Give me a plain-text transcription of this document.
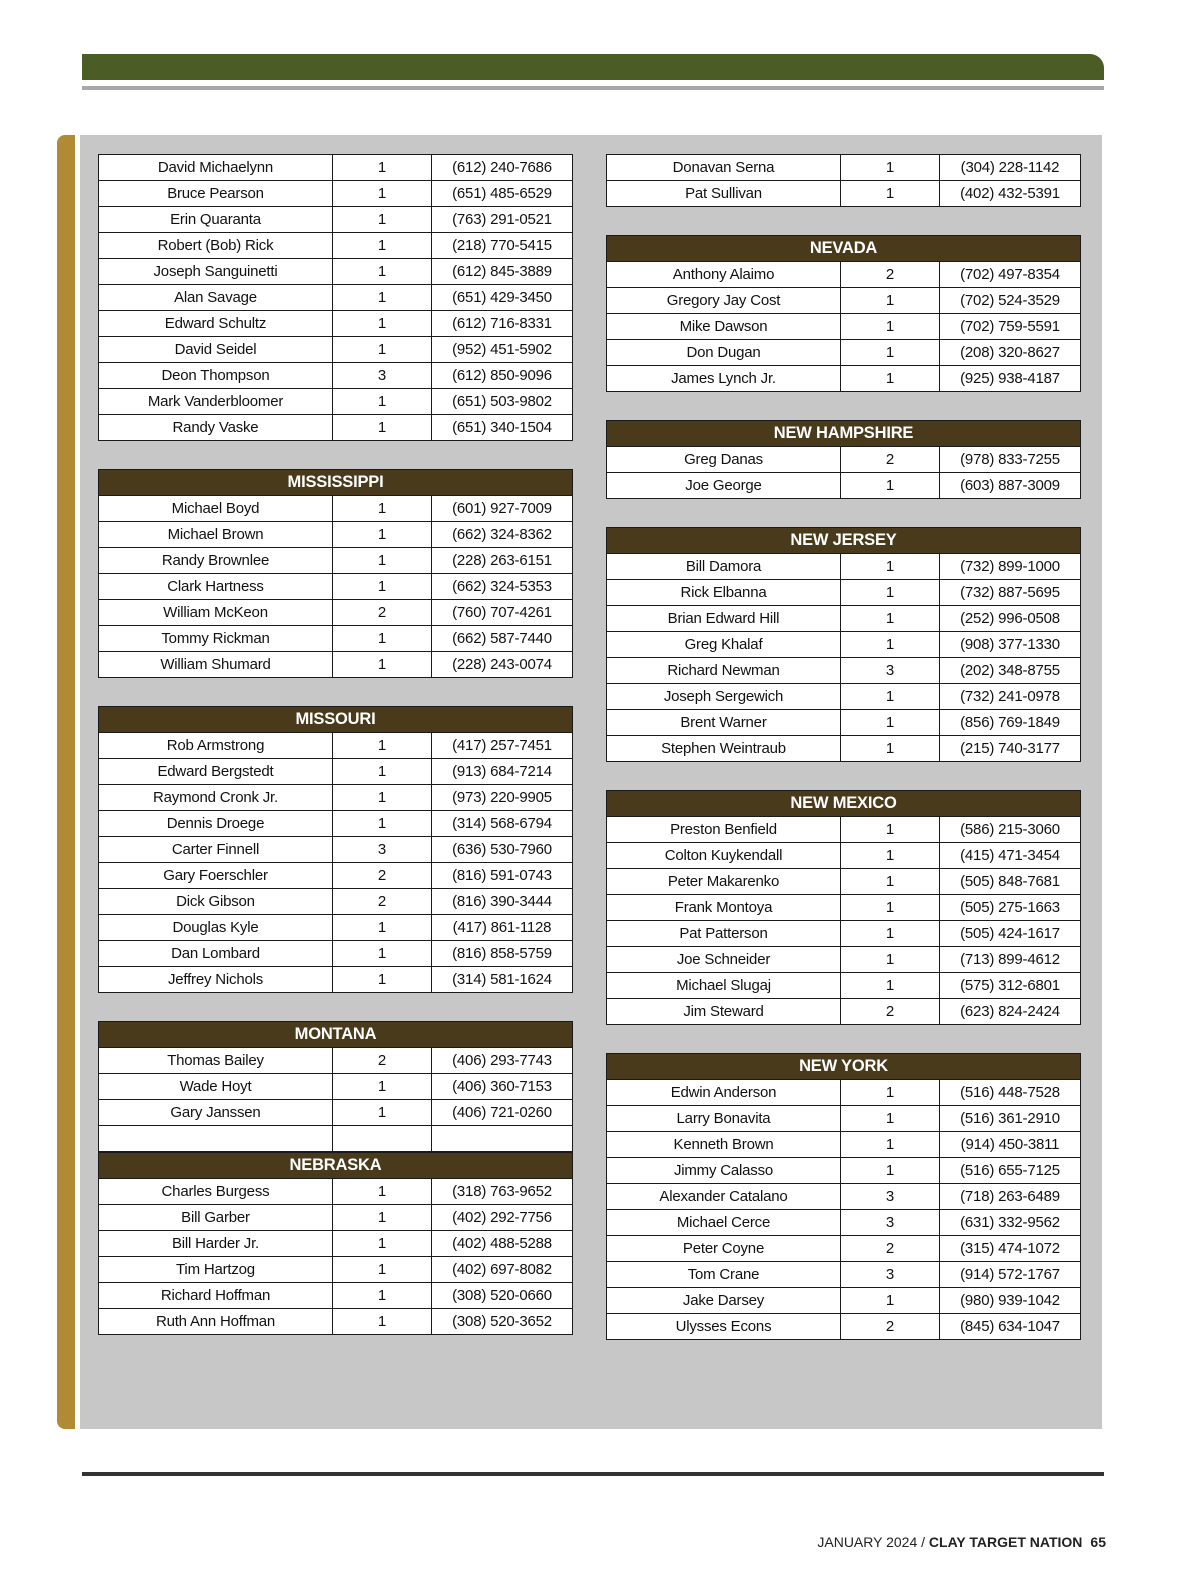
David Michaelynn	1	(612) 240-7686
Bruce Pearson	1	(651) 485-6529
Erin Quaranta	1	(763) 291-0521
Robert (Bob) Rick	1	(218) 770-5415
Joseph Sanguinetti	1	(612) 845-3889
Alan Savage	1	(651) 429-3450
Edward Schultz	1	(612) 716-8331
David Seidel	1	(952) 451-5902
Deon Thompson	3	(612) 850-9096
Mark Vanderbloomer	1	(651) 503-9802
Randy Vaske	1	(651) 340-1504
MISSISSIPPI		
Michael Boyd	1	(601) 927-7009
Michael Brown	1	(662) 324-8362
Randy Brownlee	1	(228) 263-6151
Clark Hartness	1	(662) 324-5353
William McKeon	2	(760) 707-4261
Tommy Rickman	1	(662) 587-7440
William Shumard	1	(228) 243-0074
MISSOURI		
Rob Armstrong	1	(417) 257-7451
Edward Bergstedt	1	(913) 684-7214
Raymond Cronk Jr.	1	(973) 220-9905
Dennis Droege	1	(314) 568-6794
Carter Finnell	3	(636) 530-7960
Gary Foerschler	2	(816) 591-0743
Dick Gibson	2	(816) 390-3444
Douglas Kyle	1	(417) 861-1128
Dan Lombard	1	(816) 858-5759
Jeffrey Nichols	1	(314) 581-1624
MONTANA		
Thomas Bailey	2	(406) 293-7743
Wade Hoyt	1	(406) 360-7153
Gary Janssen	1	(406) 721-0260

NEBRASKA		
Charles Burgess	1	(318) 763-9652
Bill Garber	1	(402) 292-7756
Bill Harder Jr.	1	(402) 488-5288
Tim Hartzog	1	(402) 697-8082
Richard Hoffman	1	(308) 520-0660
Ruth Ann Hoffman	1	(308) 520-3652
Donavan Serna	1	(304) 228-1142
Pat Sullivan	1	(402) 432-5391
NEVADA		
Anthony Alaimo	2	(702) 497-8354
Gregory Jay Cost	1	(702) 524-3529
Mike Dawson	1	(702) 759-5591
Don Dugan	1	(208) 320-8627
James Lynch Jr.	1	(925) 938-4187
NEW HAMPSHIRE		
Greg Danas	2	(978) 833-7255
Joe George	1	(603) 887-3009
NEW JERSEY		
Bill Damora	1	(732) 899-1000
Rick Elbanna	1	(732) 887-5695
Brian Edward Hill	1	(252) 996-0508
Greg Khalaf	1	(908) 377-1330
Richard Newman	3	(202) 348-8755
Joseph Sergewich	1	(732) 241-0978
Brent Warner	1	(856) 769-1849
Stephen Weintraub	1	(215) 740-3177
NEW MEXICO		
Preston Benfield	1	(586) 215-3060
Colton Kuykendall	1	(415) 471-3454
Peter Makarenko	1	(505) 848-7681
Frank Montoya	1	(505) 275-1663
Pat Patterson	1	(505) 424-1617
Joe Schneider	1	(713) 899-4612
Michael Slugaj	1	(575) 312-6801
Jim Steward	2	(623) 824-2424
NEW YORK		
Edwin Anderson	1	(516) 448-7528
Larry Bonavita	1	(516) 361-2910
Kenneth Brown	1	(914) 450-3811
Jimmy Calasso	1	(516) 655-7125
Alexander Catalano	3	(718) 263-6489
Michael Cerce	3	(631) 332-9562
Peter Coyne	2	(315) 474-1072
Tom Crane	3	(914) 572-1767
Jake Darsey	1	(980) 939-1042
Ulysses Econs	2	(845) 634-1047
JANUARY 2024 / CLAY TARGET NATION 65
